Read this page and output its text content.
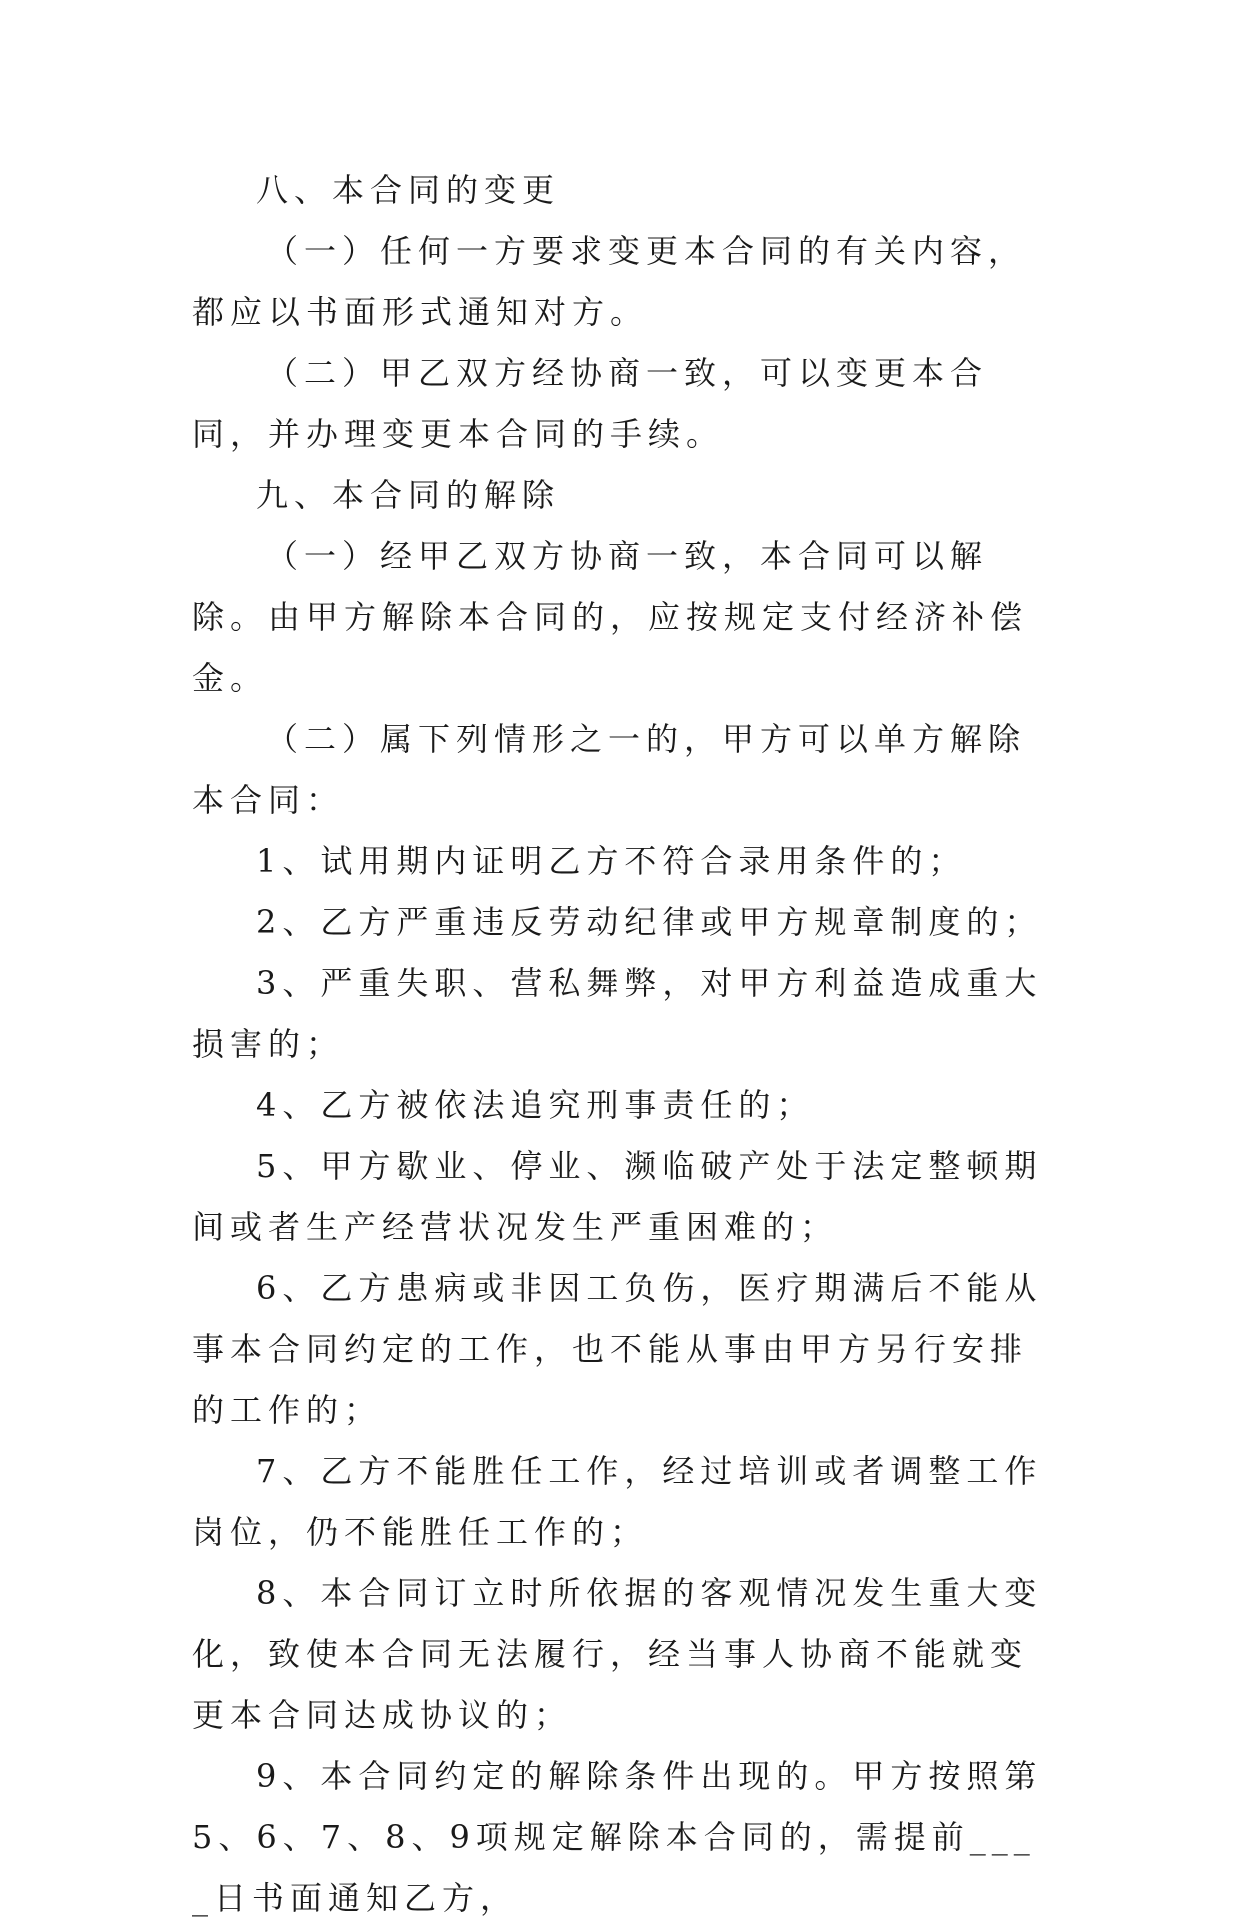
八、本合同的变更

（一）任何一方要求变更本合同的有关内容，都应以书面形式通知对方。

（二）甲乙双方经协商一致，可以变更本合同，并办理变更本合同的手续。

九、本合同的解除

（一）经甲乙双方协商一致，本合同可以解除。由甲方解除本合同的，应按规定支付经济补偿金。

（二）属下列情形之一的，甲方可以单方解除本合同：

1、试用期内证明乙方不符合录用条件的；

2、乙方严重违反劳动纪律或甲方规章制度的；

3、严重失职、营私舞弊，对甲方利益造成重大损害的；

4、乙方被依法追究刑事责任的；

5、甲方歇业、停业、濒临破产处于法定整顿期间或者生产经营状况发生严重困难的；

6、乙方患病或非因工负伤，医疗期满后不能从事本合同约定的工作，也不能从事由甲方另行安排的工作的；

7、乙方不能胜任工作，经过培训或者调整工作岗位，仍不能胜任工作的；

8、本合同订立时所依据的客观情况发生重大变化，致使本合同无法履行，经当事人协商不能就变更本合同达成协议的；

9、本合同约定的解除条件出现的。甲方按照第5、6、7、8、9项规定解除本合同的，需提前____日书面通知乙方，
